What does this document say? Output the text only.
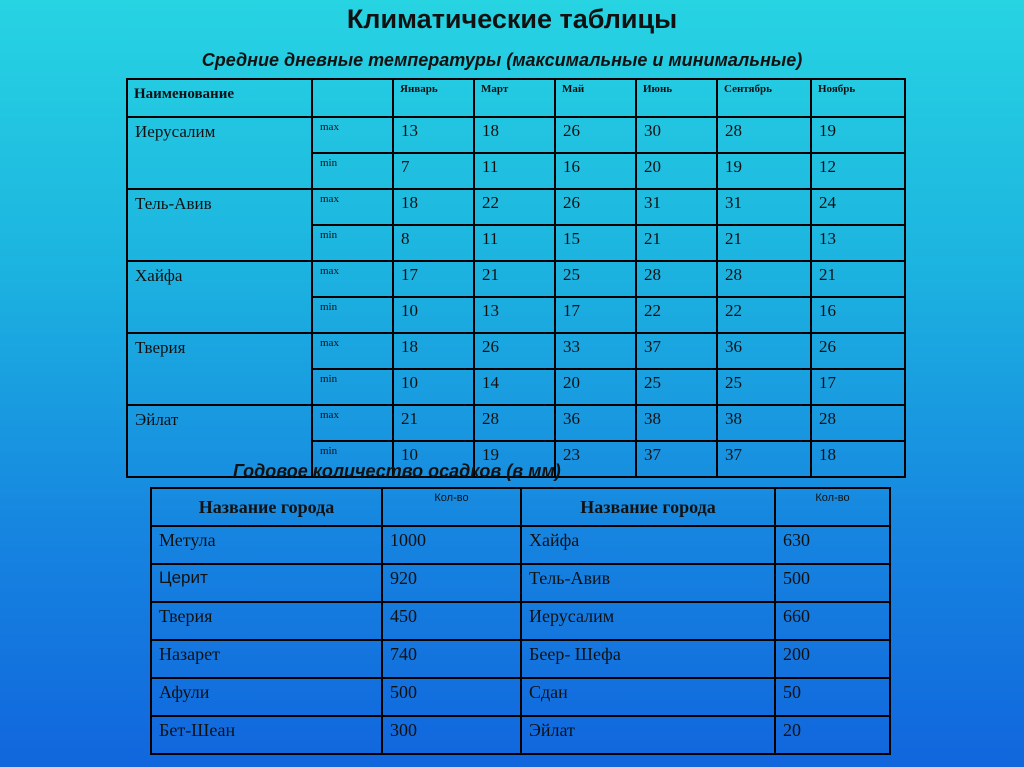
Климатические таблицы
Средние дневные температуры (максимальные и минимальные)
Наименование		Январь	Март	Май	Июнь	Сентябрь	Ноябрь
Иерусалим	max	13	18	26	30	28	19
	min	7	11	16	20	19	12
Тель-Авив	max	18	22	26	31	31	24
	min	8	11	15	21	21	13
Хайфа	max	17	21	25	28	28	21
	min	10	13	17	22	22	16
Тверия	max	18	26	33	37	36	26
	min	10	14	20	25	25	17
Эйлат	max	21	28	36	38	38	28
	min	10	19	23	37	37	18
Годовое количество осадков (в мм)
Название города	Кол-во	Название города	Кол-во
Метула	1000	Хайфа	630
Церит	920	Тель-Авив	500
Тверия	450	Иерусалим	660
Назарет	740	Беер- Шефа	200
Афули	500	Сдан	50
Бет-Шеан	300	Эйлат	20
